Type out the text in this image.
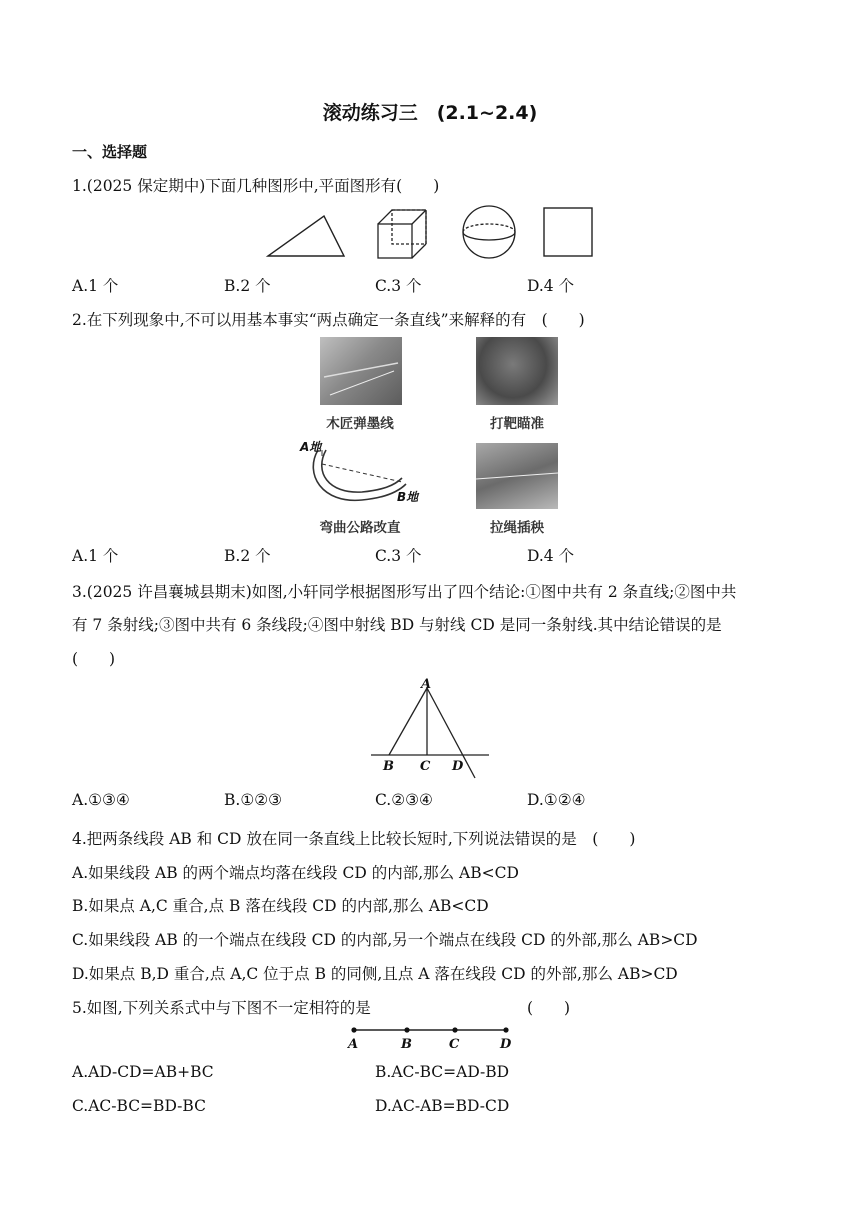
滚动练习三　(2.1~2.4)
一、选择题
1.(2025 保定期中)下面几种图形中,平面图形有(　　)
A.1 个	B.2 个	C.3 个	D.4 个
2.在下列现象中,不可以用基本事实“两点确定一条直线”来解释的有　(　　)
木匠弹墨线	打靶瞄准
A地
B地
弯曲公路改直	拉绳插秧
A.1 个	B.2 个	C.3 个	D.4 个
3.(2025 许昌襄城县期末)如图,小轩同学根据图形写出了四个结论:①图中共有 2 条直线;②图中共
有 7 条射线;③图中共有 6 条线段;④图中射线 BD 与射线 CD 是同一条射线.其中结论错误的是
(　　)
A
B C D
A.①③④	B.①②③	C.②③④	D.①②④
4.把两条线段 AB 和 CD 放在同一条直线上比较长短时,下列说法错误的是　(　　)
A.如果线段 AB 的两个端点均落在线段 CD 的内部,那么 AB<CD
B.如果点 A,C 重合,点 B 落在线段 CD 的内部,那么 AB<CD
C.如果线段 AB 的一个端点在线段 CD 的内部,另一个端点在线段 CD 的外部,那么 AB>CD
D.如果点 B,D 重合,点 A,C 位于点 B 的同侧,且点 A 落在线段 CD 的外部,那么 AB>CD
5.如图,下列关系式中与下图不一定相符的是	(　　)
A	B	C	D
A.AD-CD=AB+BC	B.AC-BC=AD-BD
C.AC-BC=BD-BC	D.AC-AB=BD-CD
